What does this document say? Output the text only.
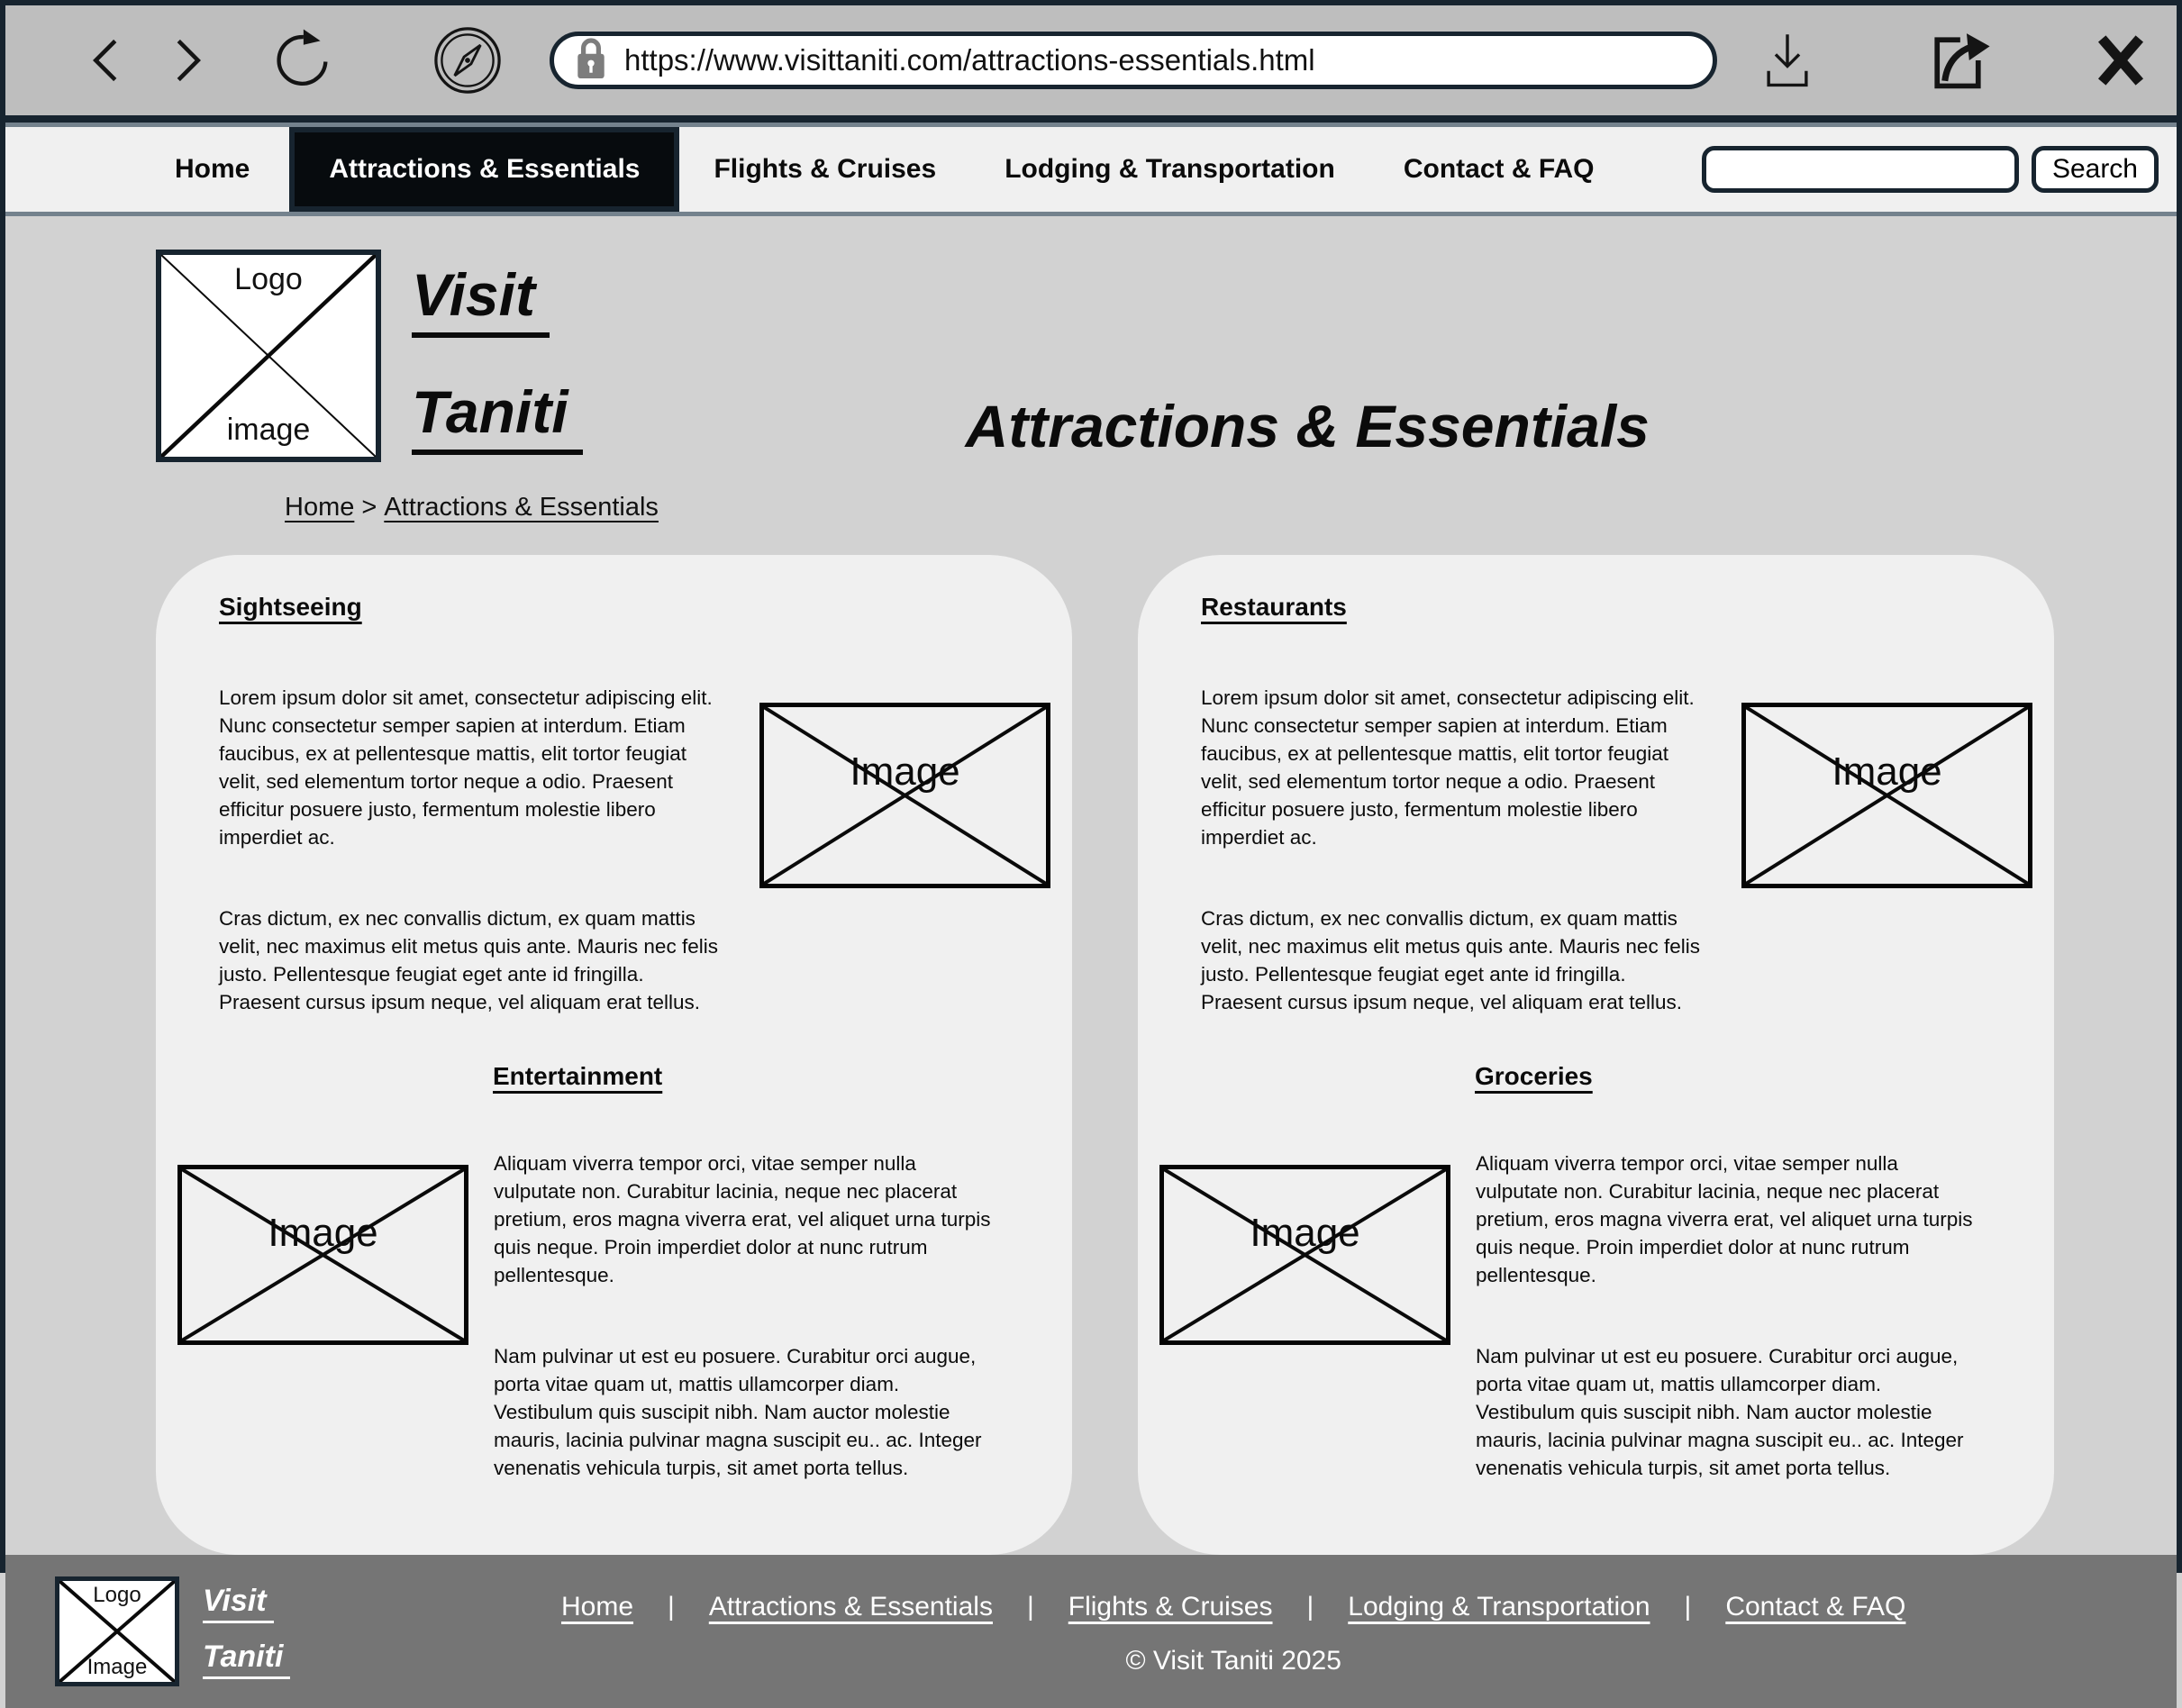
https://www.visittaniti.com/attractions-essentials.html
Home	Attractions & Essentials	Flights & Cruises	Lodging & Transportation	Contact & FAQ	Search
Logo
image
Visit
Taniti	Attractions & Essentials
Home > Attractions & Essentials
Sightseeing

Lorem ipsum dolor sit amet, consectetur adipiscing elit.
Nunc consectetur semper sapien at interdum. Etiam
faucibus, ex at pellentesque mattis, elit tortor feugiat
velit, sed elementum tortor neque a odio. Praesent
efficitur posuere justo, fermentum molestie libero
imperdiet ac.

Cras dictum, ex nec convallis dictum, ex quam mattis
velit, nec maximus elit metus quis ante. Mauris nec felis
justo. Pellentesque feugiat eget ante id fringilla.
Praesent cursus ipsum neque, vel aliquam erat tellus.

Image
Entertainment
Image

Aliquam viverra tempor orci, vitae semper nulla
vulputate non. Curabitur lacinia, neque nec placerat
pretium, eros magna viverra erat, vel aliquet urna turpis
quis neque. Proin imperdiet dolor at nunc rutrum
pellentesque.

Nam pulvinar ut est eu posuere. Curabitur orci augue,
porta vitae quam ut, mattis ullamcorper diam.
Vestibulum quis suscipit nibh. Nam auctor molestie
mauris, lacinia pulvinar magna suscipit eu.. ac. Integer
venenatis vehicula turpis, sit amet porta tellus.

Restaurants

Lorem ipsum dolor sit amet, consectetur adipiscing elit.
Nunc consectetur semper sapien at interdum. Etiam
faucibus, ex at pellentesque mattis, elit tortor feugiat
velit, sed elementum tortor neque a odio. Praesent
efficitur posuere justo, fermentum molestie libero
imperdiet ac.

Cras dictum, ex nec convallis dictum, ex quam mattis
velit, nec maximus elit metus quis ante. Mauris nec felis
justo. Pellentesque feugiat eget ante id fringilla.
Praesent cursus ipsum neque, vel aliquam erat tellus.

Image
Groceries
Image

Aliquam viverra tempor orci, vitae semper nulla
vulputate non. Curabitur lacinia, neque nec placerat
pretium, eros magna viverra erat, vel aliquet urna turpis
quis neque. Proin imperdiet dolor at nunc rutrum
pellentesque.

Nam pulvinar ut est eu posuere. Curabitur orci augue,
porta vitae quam ut, mattis ullamcorper diam.
Vestibulum quis suscipit nibh. Nam auctor molestie
mauris, lacinia pulvinar magna suscipit eu.. ac. Integer
venenatis vehicula turpis, sit amet porta tellus.

Logo
Image
Visit
Taniti
Home | Attractions & Essentials | Flights & Cruises | Lodging & Transportation | Contact & FAQ
© Visit Taniti 2025
